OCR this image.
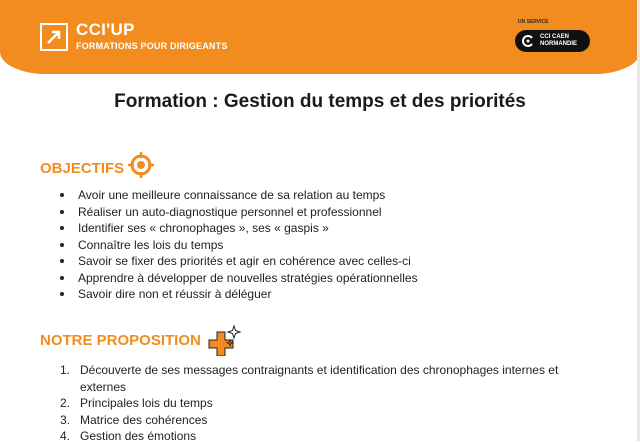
CCI'UP
FORMATIONS POUR DIRIGEANTS
UN SERVICE
CCI CAEN
NORMANDIE
Formation : Gestion du temps et des priorités
OBJECTIFS
Avoir une meilleure connaissance de sa relation au temps
Réaliser un auto-diagnostique personnel et professionnel
Identifier ses « chronophages », ses « gaspis »
Connaître les lois du temps
Savoir se fixer des priorités et agir en cohérence avec celles-ci
Apprendre à développer de nouvelles stratégies opérationnelles
Savoir dire non et réussir à déléguer
NOTRE PROPOSITION
1. Découverte de ses messages contraignants et identification des chronophages internes et externes
2. Principales lois du temps
3. Matrice des cohérences
4. Gestion des émotions
